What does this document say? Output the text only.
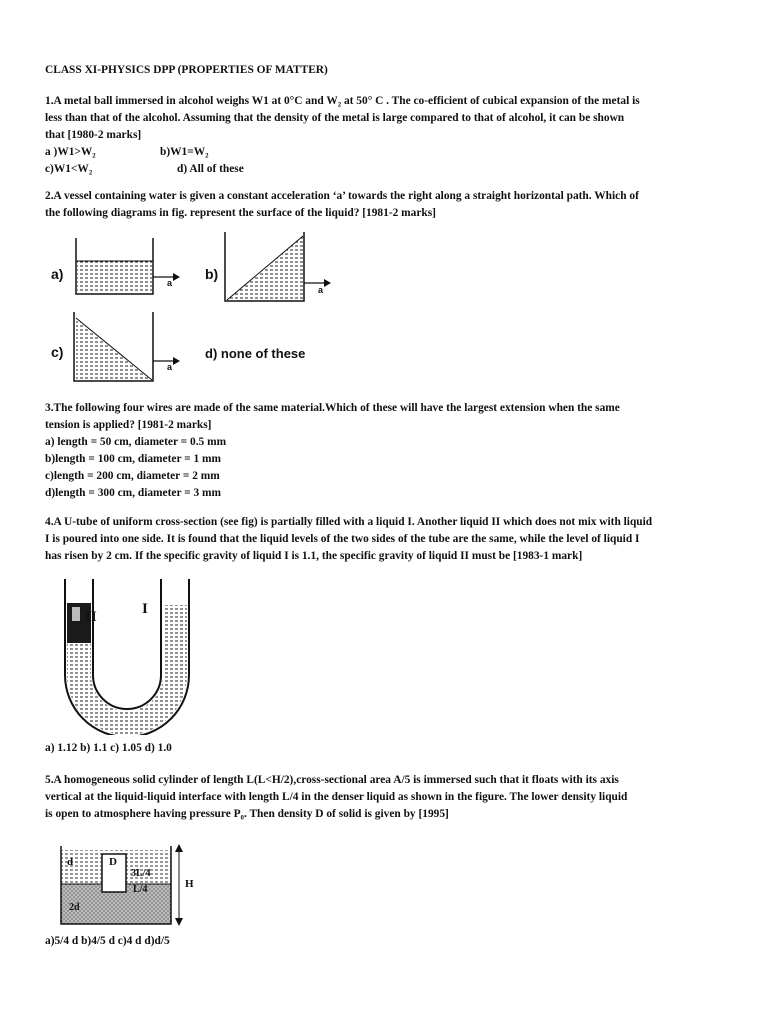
CLASS XI-PHYSICS DPP (PROPERTIES OF MATTER)
1.A metal ball immersed in alcohol weighs W1 at 0°C and W₂ at 50° C . The co-efficient of cubical expansion of the metal is
less than that of the alcohol. Assuming that the density of the metal is large compared to that of alcohol, it can be shown
that [1980-2 marks]
a )W1>W₂	b)W1=W₂
c)W1<W₂	d) All of these
2.A vessel containing water is given a constant acceleration ‘a’ towards the right along a straight horizontal path. Which of
the following diagrams in fig. represent the surface of the liquid? [1981-2 marks]
a)
a
b)
a
c)
a
d) none of these
3.The following four wires are made of the same material.Which of these will have the largest extension when the same
tension is applied? [1981-2 marks]
a) length = 50 cm, diameter = 0.5 mm
b)length = 100 cm, diameter = 1 mm
c)length = 200 cm, diameter = 2 mm
d)length = 300 cm, diameter = 3 mm
4.A U-tube of uniform cross-section (see fig) is partially filled with a liquid I. Another liquid II which does not mix with liquid
I is poured into one side. It is found that the liquid levels of the two sides of the tube are the same, while the level of liquid I
has risen by 2 cm. If the specific gravity of liquid I is 1.1, the specific gravity of liquid II must be [1983-1 mark]
II	I
a) 1.12 b) 1.1 c) 1.05 d) 1.0
5.A homogeneous solid cylinder of length L(L<H/2),cross-sectional area A/5 is immersed such that it floats with its axis
vertical at the liquid-liquid interface with length L/4 in the denser liquid as shown in the figure. The lower density liquid
is open to atmosphere having pressure P₀. Then density D of solid is given by [1995]
d	D
3L/4
L/4
2d
H
a)5/4 d b)4/5 d c)4 d d)d/5
